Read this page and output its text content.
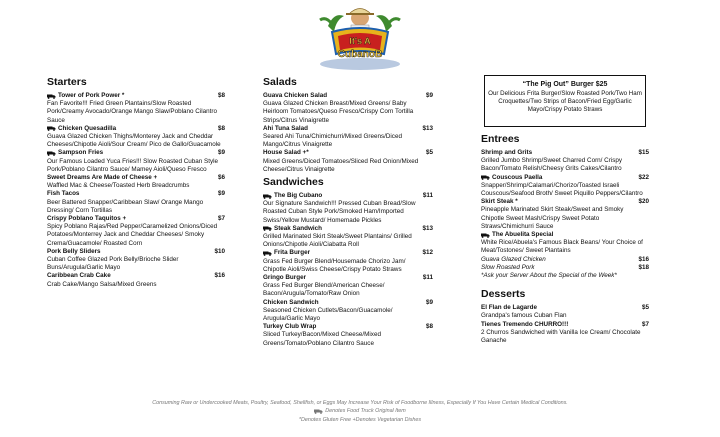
It's A
CubanoB
Starters
Tower of Pork Power *	$8
Fan Favorite!!! Fried Green Plantains/Slow Roasted Pork/Creamy Avocado/Orange Mango Slaw/Poblano Cilantro Sauce
Chicken Quesadilla	$8
Guava Glazed Chicken Thighs/Monterey Jack and Cheddar Cheeses/Chipotle Aioli/Sour Cream/ Pico de Gallo/Guacamole
Sampson Fries	$9
Our Famous Loaded Yuca Fries!!! Slow Roasted Cuban Style Pork/Poblano Cilantro Sauce/ Mamey Aioli/Queso Fresco
Sweet Dreams Are Made of Cheese +	$6
Waffled Mac & Cheese/Toasted Herb Breadcrumbs
Fish Tacos	$9
Beer Battered Snapper/Caribbean Slaw/ Orange Mango Dressing/ Corn Tortillas
Crispy Poblano Taquitos +	$7
Spicy Poblano Rajas/Red Pepper/Caramelized Onions/Diced Potatoes/Monterrey Jack and Cheddar Cheeses/ Smoky Crema/Guacamole/ Roasted Corn
Pork Belly Sliders	$10
Cuban Coffee Glazed Pork Belly/Brioche Slider Buns/Arugula/Garlic Mayo
Caribbean Crab Cake	$16
Crab Cake/Mango Salsa/Mixed Greens
Salads
Guava Chicken Salad	$9
Guava Glazed Chicken Breast/Mixed Greens/ Baby Heirloom Tomatoes/Queso Fresco/Crispy Corn Tortilla Strips/Citrus Vinaigrette
Ahi Tuna Salad	$13
Seared Ahi Tuna/Chimichurri/Mixed Greens/Diced Mango/Citrus Vinaigrette
House Salad +*	$5
Mixed Greens/Diced Tomatoes/Sliced Red Onion/Mixed Cheese/Citrus Vinaigrette
Sandwiches
The Big Cubano	$11
Our Signature Sandwich!!! Pressed Cuban Bread/Slow Roasted Cuban Style Pork/Smoked Ham/Imported Swiss/Yellow Mustard/ Homemade Pickles
Steak Sandwich	$13
Grilled Marinated Skirt Steak/Sweet Plantains/ Grilled Onions/Chipotle Aioli/Ciabatta Roll
Frita Burger	$12
Grass Fed Burger Blend/Housemade Chorizo Jam/ Chipotle Aioli/Swiss Cheese/Crispy Potato Straws
Gringo Burger	$11
Grass Fed Burger Blend/American Cheese/ Bacon/Arugula/Tomato/Raw Onion
Chicken Sandwich	$9
Seasoned Chicken Cutlets/Bacon/Guacamole/ Arugula/Garlic Mayo
Turkey Club Wrap	$8
Sliced Turkey/Bacon/Mixed Cheese/Mixed Greens/Tomato/Poblano Cilantro Sauce
“The Pig Out” Burger $25
Our Delicious Frita Burger/Slow Roasted Pork/Two Ham Croquettes/Two Strips of Bacon/Fried Egg/Garlic Mayo/Crispy Potato Straws
Entrees
Shrimp and Grits	$15
Grilled Jumbo Shrimp/Sweet Charred Corn/ Crispy Bacon/Tomato Relish/Cheesy Grits Cakes/Cilantro
Couscous Paella	$22
Snapper/Shrimp/Calamari/Chorizo/Toasted Israeli Couscous/Seafood Broth/ Sweet Piquillo Peppers/Cilantro
Skirt Steak *	$20
Pineapple Marinated Skirt Steak/Sweet and Smoky Chipotle Sweet Mash/Crispy Sweet Potato Straws/Chimichurri Sauce
The Abuelita Special
White Rice/Abuela's Famous Black Beans/ Your Choice of Meat/Tostones/ Sweet Plantains
Guava Glazed Chicken	$16
Slow Roasted Pork	$18
*Ask your Server About the Special of the Week*
Desserts
El Flan de Lagarde	$5
Grandpa's famous Cuban Flan
Tienes Tremendo CHURRO!!!	$7
2 Churros Sandwiched with Vanilla Ice Cream/ Chocolate Ganache
Consuming Raw or Undercooked Meats, Poultry, Seafood, Shellfish, or Eggs May Increase Your Risk of Foodborne Illness, Especially If You Have Certain Medical Conditions.
Denotes Food Truck Original Item
*Denotes Gluten Free +Denotes Vegetarian Dishes
